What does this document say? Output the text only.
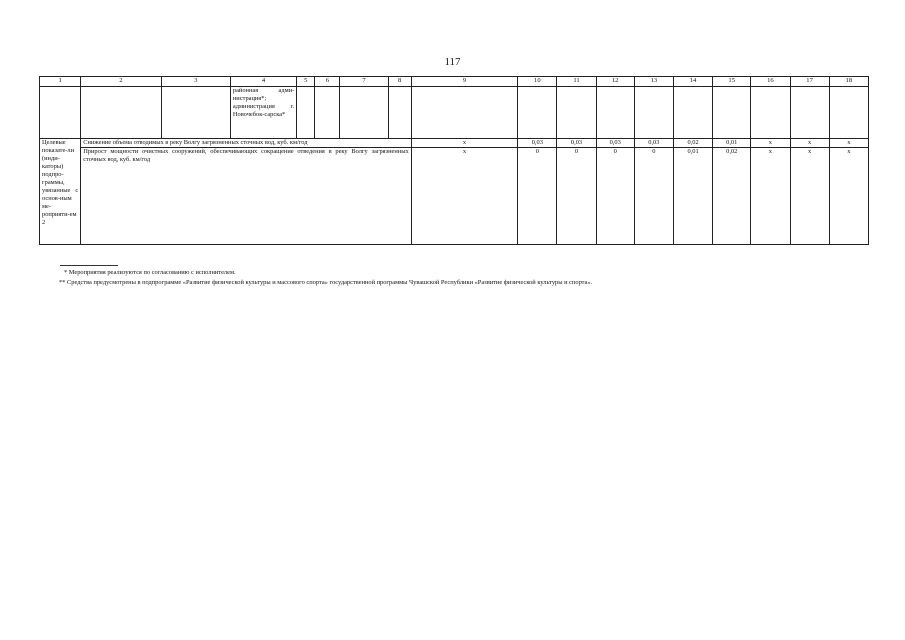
117
1	2	3	4	5	6	7	8	9	10	11	12	13	14	15	16	17	18
			районная адми-нистрация*; администрация г. Новочебок-сарска*														
Целевые показате-ли (инди-каторы) подпро-граммы, увязанные с основ-ным ме-роприяти-ем 2	Снижение объема отводимых в реку Волгу загрязненных сточных вод, куб. км/год							х	0,03	0,03	0,03	0,03	0,02	0,01	х	х	х
	Прирост мощности очистных сооружений, обеспечивающих сокращение отведения в реку Волгу загрязненных сточных вод, куб. км/год							х	0	0	0	0	0,01	0,02	х	х	х
* Мероприятия реализуются по согласованию с исполнителем.
** Средства предусмотрены в подпрограмме «Развитие физической культуры и массового спорта» государственной программы Чувашской Республики «Развитие физической культуры и спорта».
